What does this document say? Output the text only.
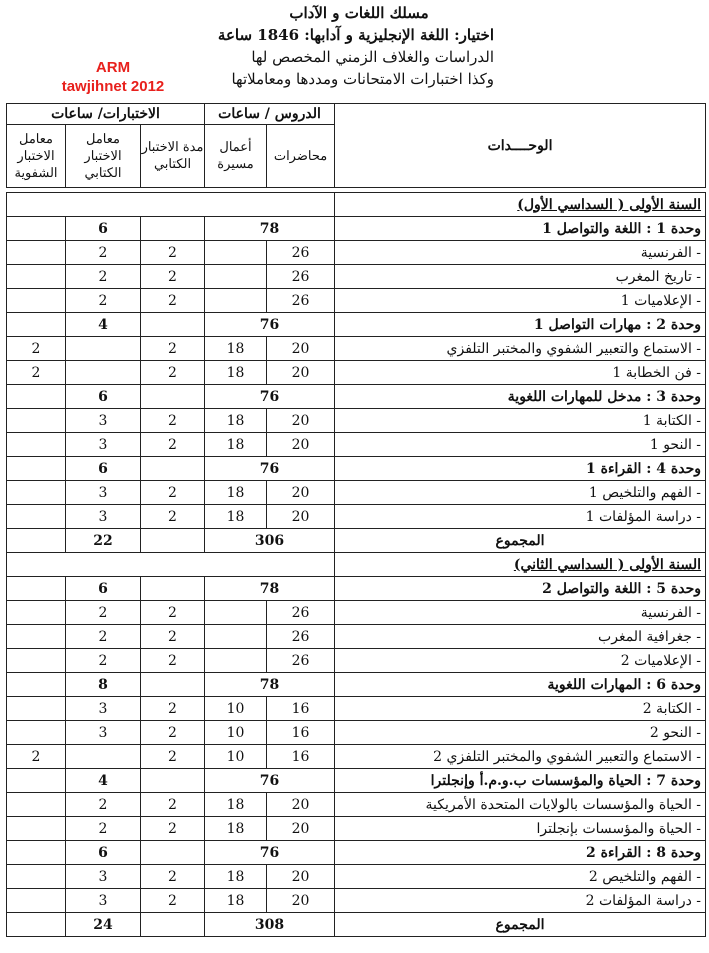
مسلك اللغات و الآداب
اختيار: اللغة الإنجليزية و آدابها: 1846 ساعة
الدراسات والغلاف الزمني المخصص لها
وكذا اختبارات الامتحانات ومددها ومعاملاتها
ARM
tawjihnet 2012
الاختبارات/ ساعات			الدروس / ساعات		الوحــــدات
معامل الاختبار الشفوية	معامل الاختبار الكتابي	مدة الاختبار الكتابي	أعمال مسيرة	محاضرات	

					السنة الأولى ( السداسي الأول)
	6		78		وحدة 1 : اللغة والتواصل 1
	2	2		26	- الفرنسية
	2	2		26	- تاريخ المغرب
	2	2		26	- الإعلاميات 1
	4		76		وحدة 2 : مهارات التواصل 1
2		2	18	20	- الاستماع والتعبير الشفوي والمختبر التلفزي
2		2	18	20	- فن الخطابة 1
	6		76		وحدة 3 : مدخل للمهارات اللغوية
	3	2	18	20	- الكتابة 1
	3	2	18	20	- النحو 1
	6		76		وحدة 4 : القراءة 1
	3	2	18	20	- الفهم والتلخيص 1
	3	2	18	20	- دراسة المؤلفات 1
	22		306		المجموع
					السنة الأولى ( السداسي الثاني)
	6		78		وحدة 5 : اللغة والتواصل 2
	2	2		26	- الفرنسية
	2	2		26	- جغرافية المغرب
	2	2		26	- الإعلاميات 2
	8		78		وحدة 6 : المهارات اللغوية
	3	2	10	16	- الكتابة 2
	3	2	10	16	- النحو 2
2		2	10	16	- الاستماع والتعبير الشفوي والمختبر التلفزي 2
	4		76		وحدة 7 : الحياة والمؤسسات ب.و.م.أ وإنجلترا
	2	2	18	20	- الحياة والمؤسسات بالولايات المتحدة الأمريكية
	2	2	18	20	- الحياة والمؤسسات بإنجلترا
	6		76		وحدة 8 : القراءة 2
	3	2	18	20	- الفهم والتلخيص 2
	3	2	18	20	- دراسة المؤلفات 2
	24		308		المجموع
